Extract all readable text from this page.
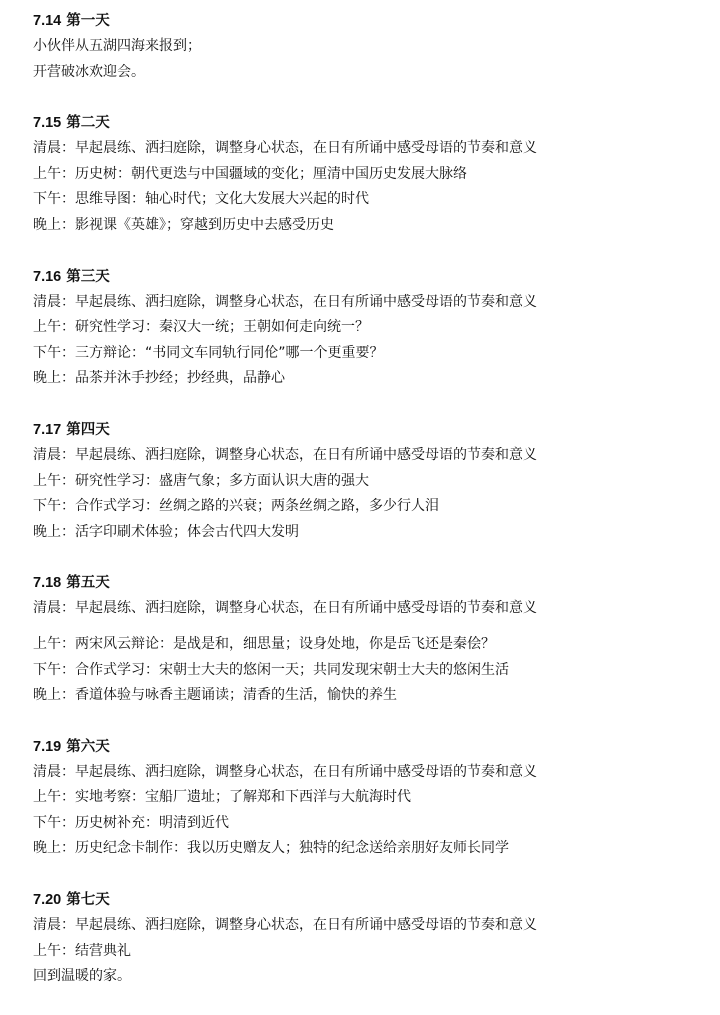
7.14 第一天
小伙伴从五湖四海来报到；
开营破冰欢迎会。
7.15 第二天
清晨：早起晨练、洒扫庭除，调整身心状态，在日有所诵中感受母语的节奏和意义
上午：历史树：朝代更迭与中国疆域的变化；厘清中国历史发展大脉络
下午：思维导图：轴心时代；文化大发展大兴起的时代
晚上：影视课《英雄》；穿越到历史中去感受历史
7.16 第三天
清晨：早起晨练、洒扫庭除，调整身心状态，在日有所诵中感受母语的节奏和意义
上午：研究性学习：秦汉大一统；王朝如何走向统一？
下午：三方辩论：“书同文车同轨行同伦”哪一个更重要？
晚上：品茶并沐手抄经；抄经典，品静心
7.17 第四天
清晨：早起晨练、洒扫庭除，调整身心状态，在日有所诵中感受母语的节奏和意义
上午：研究性学习：盛唐气象；多方面认识大唐的强大
下午：合作式学习：丝绸之路的兴衰；两条丝绸之路，多少行人泪
晚上：活字印刷术体验；体会古代四大发明
7.18 第五天
清晨：早起晨练、洒扫庭除，调整身心状态，在日有所诵中感受母语的节奏和意义
上午：两宋风云辩论：是战是和，细思量；设身处地，你是岳飞还是秦侩？
下午：合作式学习：宋朝士大夫的悠闲一天；共同发现宋朝士大夫的悠闲生活
晚上：香道体验与咏香主题诵读；清香的生活，愉快的养生
7.19 第六天
清晨：早起晨练、洒扫庭除，调整身心状态，在日有所诵中感受母语的节奏和意义
上午：实地考察：宝船厂遗址；了解郑和下西洋与大航海时代
下午：历史树补充：明清到近代
晚上：历史纪念卡制作：我以历史赠友人；独特的纪念送给亲朋好友师长同学
7.20 第七天
清晨：早起晨练、洒扫庭除，调整身心状态，在日有所诵中感受母语的节奏和意义
上午：结营典礼
回到温暖的家。
